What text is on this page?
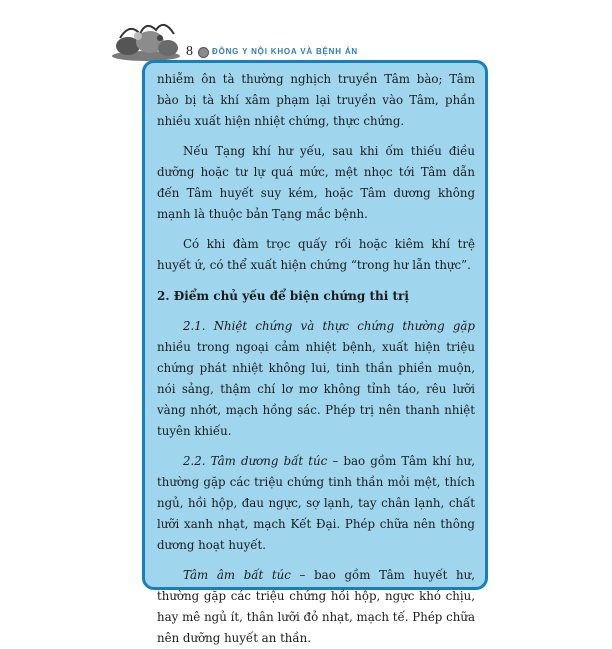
8 ĐÔNG Y NỘI KHOA VÀ BỆNH ÁN

nhiễm ôn tà thường nghịch truyền Tâm bào; Tâm bào bị tà khí xâm phạm lại truyền vào Tâm, phần nhiều xuất hiện nhiệt chứng, thực chứng.

Nếu Tạng khí hư yếu, sau khi ốm thiếu điều dưỡng hoặc tư lự quá mức, mệt nhọc tới Tâm dẫn đến Tâm huyết suy kém, hoặc Tâm dương không mạnh là thuộc bản Tạng mắc bệnh.

Có khi đàm trọc quấy rối hoặc kiêm khí trệ huyết ứ, có thể xuất hiện chứng “trong hư lẫn thực”.

2. Điểm chủ yếu để biện chứng thi trị

2.1. Nhiệt chứng và thực chứng thường gặp nhiều trong ngoại cảm nhiệt bệnh, xuất hiện triệu chứng phát nhiệt không lui, tinh thần phiền muộn, nói sảng, thậm chí lơ mơ không tỉnh táo, rêu lưỡi vàng nhớt, mạch hồng sác. Phép trị nên thanh nhiệt tuyên khiếu.

2.2. Tâm dương bất túc – bao gồm Tâm khí hư, thường gặp các triệu chứng tinh thần mỏi mệt, thích ngủ, hồi hộp, đau ngực, sợ lạnh, tay chân lạnh, chất lưỡi xanh nhạt, mạch Kết Đại. Phép chữa nên thông dương hoạt huyết.

Tâm âm bất túc – bao gồm Tâm huyết hư, thường gặp các triệu chứng hồi hộp, ngực khó chịu, hay mê ngủ ít, thân lưỡi đỏ nhạt, mạch tế. Phép chữa nên dưỡng huyết an thần.
